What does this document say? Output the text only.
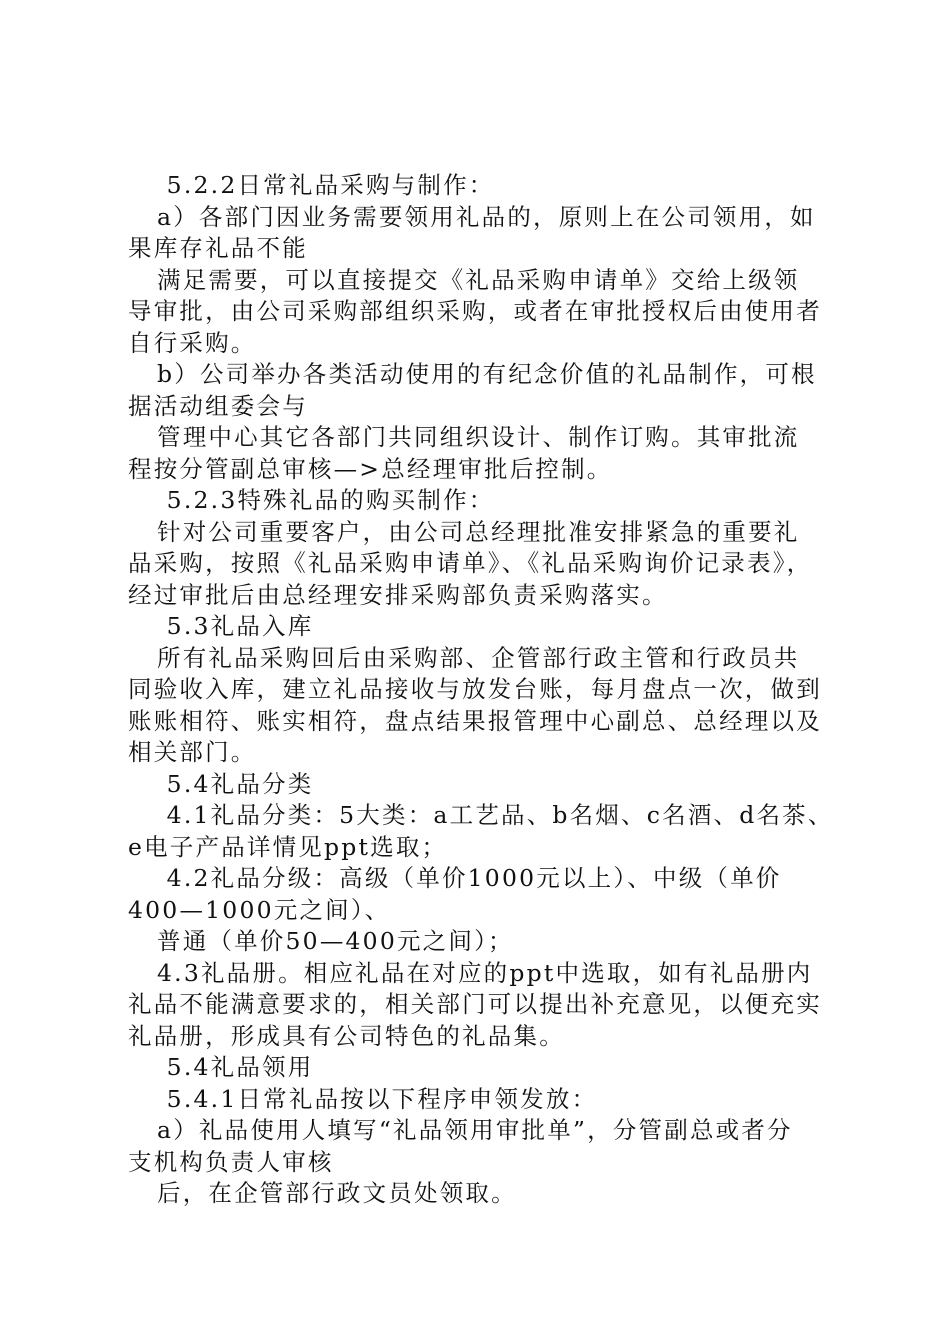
5.2.2日常礼品采购与制作：
a）各部门因业务需要领用礼品的，原则上在公司领用，如
果库存礼品不能
满足需要，可以直接提交《礼品采购申请单》交给上级领
导审批，由公司采购部组织采购，或者在审批授权后由使用者
自行采购。
b）公司举办各类活动使用的有纪念价值的礼品制作，可根
据活动组委会与
管理中心其它各部门共同组织设计、制作订购。其审批流
程按分管副总审核—>总经理审批后控制。
5.2.3特殊礼品的购买制作：
针对公司重要客户，由公司总经理批准安排紧急的重要礼
品采购，按照《礼品采购申请单》、《礼品采购询价记录表》，
经过审批后由总经理安排采购部负责采购落实。
5.3礼品入库
所有礼品采购回后由采购部、企管部行政主管和行政员共
同验收入库，建立礼品接收与放发台账，每月盘点一次，做到
账账相符、账实相符，盘点结果报管理中心副总、总经理以及
相关部门。
5.4礼品分类
4.1礼品分类：5大类：a工艺品、b名烟、c名酒、d名茶、
e电子产品详情见ppt选取；
4.2礼品分级：高级（单价1000元以上）、中级（单价
400—1000元之间）、
普通（单价50—400元之间）；
4.3礼品册。相应礼品在对应的ppt中选取，如有礼品册内
礼品不能满意要求的，相关部门可以提出补充意见，以便充实
礼品册，形成具有公司特色的礼品集。
5.4礼品领用
5.4.1日常礼品按以下程序申领发放：
a）礼品使用人填写“礼品领用审批单”，分管副总或者分
支机构负责人审核
后，在企管部行政文员处领取。
